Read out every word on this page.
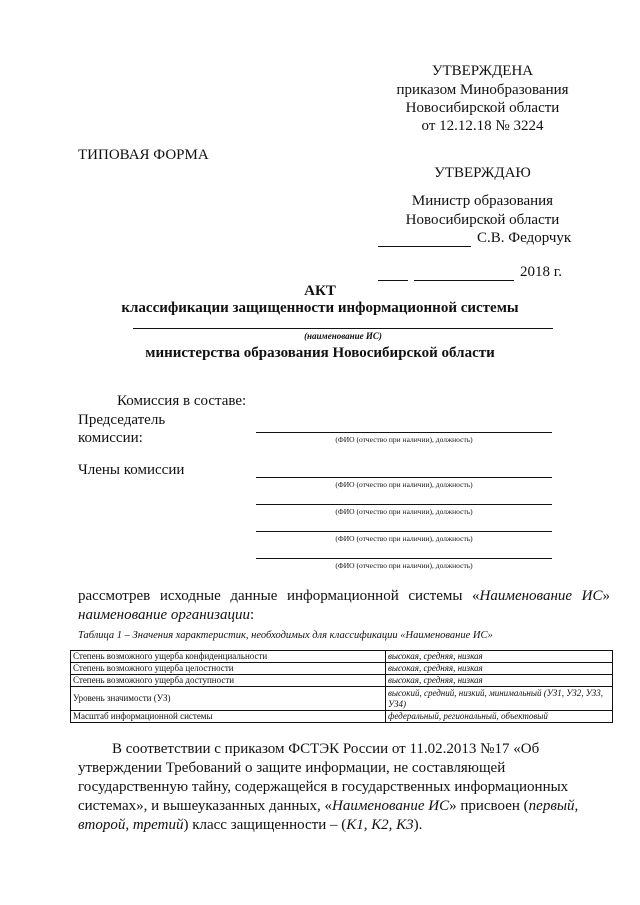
УТВЕРЖДЕНА
приказом Минобразования
Новосибирской области
от 12.12.18 № 3224
ТИПОВАЯ ФОРМА
УТВЕРЖДАЮ
Министр образования
Новосибирской области
С.В. Федорчук
2018 г.
АКТ
классификации защищенности информационной системы
(наименование ИС)
министерства образования Новосибирской области
Комиссия в составе:
Председатель
комиссии:
Члены комиссии
(ФИО (отчество при наличии), должность)
(ФИО (отчество при наличии), должность)
(ФИО (отчество при наличии), должность)
(ФИО (отчество при наличии), должность)
(ФИО (отчество при наличии), должность)
рассмотрев исходные данные информационной системы «Наименование ИС» наименование организации:
Таблица 1 – Значения характеристик, необходимых для классификации «Наименование ИС»
Степень возможного ущерба конфиденциальности	высокая, средняя, низкая
Степень возможного ущерба целостности	высокая, средняя, низкая
Степень возможного ущерба доступности	высокая, средняя, низкая
Уровень значимости (УЗ)	высокий, средний, низкий, минимальный (УЗ1, УЗ2, УЗ3, УЗ4)
Масштаб информационной системы	федеральный, региональный, объектовый
В соответствии с приказом ФСТЭК России от 11.02.2013 №17 «Об утверждении Требований о защите информации, не составляющей государственную тайну, содержащейся в государственных информационных системах», и вышеуказанных данных, «Наименование ИС» присвоен (первый, второй, третий) класс защищенности – (К1, К2, К3).
